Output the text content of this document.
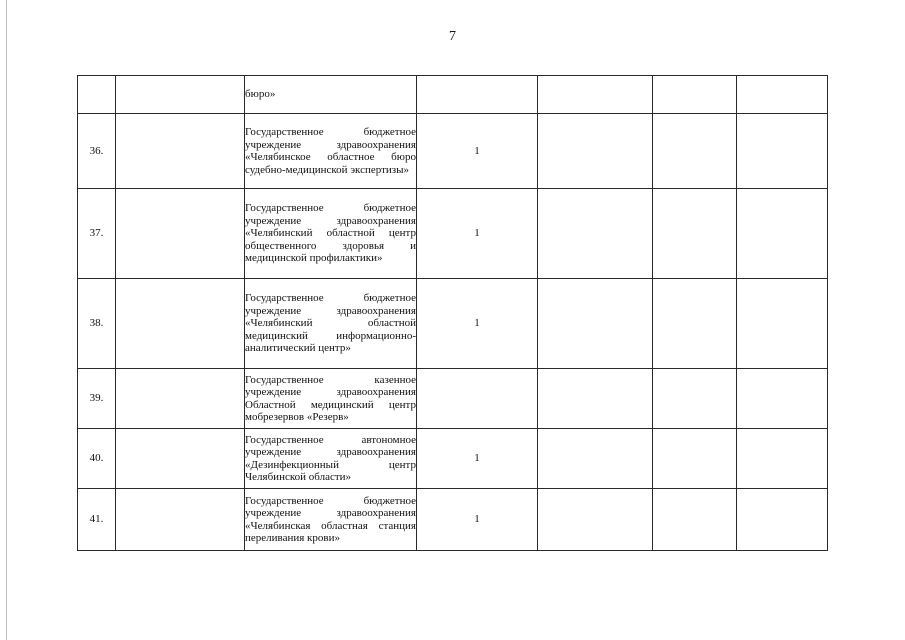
7
		бюро»				
36.		Государственное бюджетное учреждение здравоохранения «Челябинское областное бюро судебно-медицинской экспертизы»	1			
37.		Государственное бюджетное учреждение здравоохранения «Челябинский областной центр общественного здоровья и медицинской профилактики»	1			
38.		Государственное бюджетное учреждение здравоохранения «Челябинский областной медицинский информационно-аналитический центр»	1			
39.		Государственное казенное учреждение здравоохранения Областной медицинский центр мобрезервов «Резерв»				
40.		Государственное автономное учреждение здравоохранения «Дезинфекционный центр Челябинской области»	1			
41.		Государственное бюджетное учреждение здравоохранения «Челябинская областная станция переливания крови»	1			
